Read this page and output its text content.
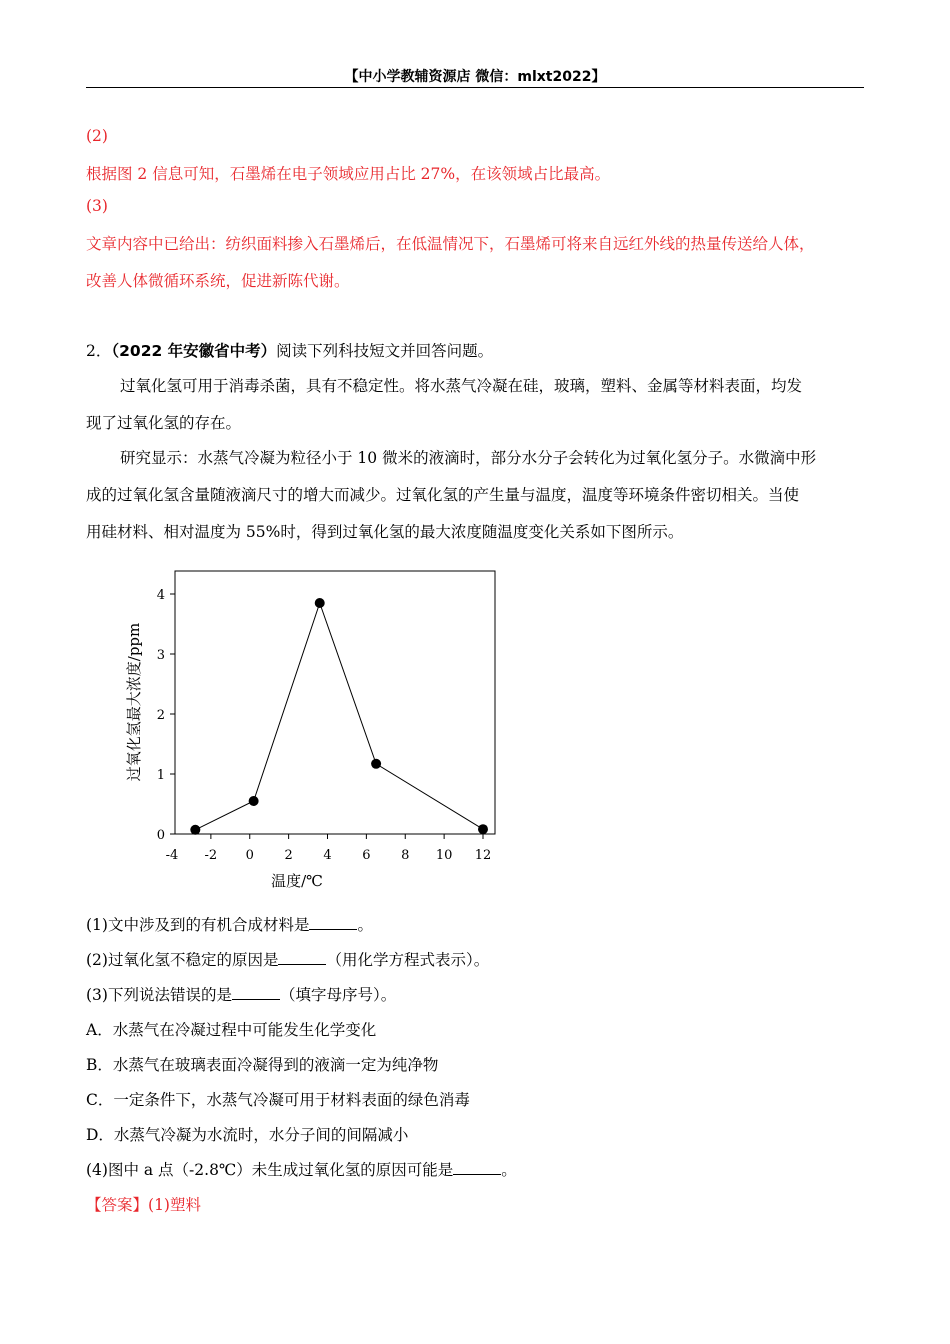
【中小学教辅资源店 微信：mlxt2022】
(2)
根据图 2 信息可知，石墨烯在电子领域应用占比 27%，在该领域占比最高。
(3)
文章内容中已给出：纺织面料掺入石墨烯后，在低温情况下，石墨烯可将来自远红外线的热量传送给人体，
改善人体微循环系统，促进新陈代谢。
2．（2022 年安徽省中考）阅读下列科技短文并回答问题。
过氧化氢可用于消毒杀菌，具有不稳定性。将水蒸气冷凝在硅，玻璃，塑料、金属等材料表面，均发
现了过氧化氢的存在。
研究显示：水蒸气冷凝为粒径小于 10 微米的液滴时，部分水分子会转化为过氧化氢分子。水微滴中形
成的过氧化氢含量随液滴尺寸的增大而减少。过氧化氢的产生量与温度，温度等环境条件密切相关。当使
用硅材料、相对温度为 55%时，得到过氧化氢的最大浓度随温度变化关系如下图所示。
0
1
2
3
4
-4 -2 0 2 4 6 8 10 12
温度/℃
过氧化氢最大浓度/ppm
(1)文中涉及到的有机合成材料是	。
(2)过氧化氢不稳定的原因是	（用化学方程式表示）。
(3)下列说法错误的是	（填字母序号）。
A．水蒸气在冷凝过程中可能发生化学变化
B．水蒸气在玻璃表面冷凝得到的液滴一定为纯净物
C．一定条件下，水蒸气冷凝可用于材料表面的绿色消毒
D．水蒸气冷凝为水流时，水分子间的间隔减小
(4)图中 a 点（-2.8℃）未生成过氧化氢的原因可能是	。
【答案】(1)塑料
